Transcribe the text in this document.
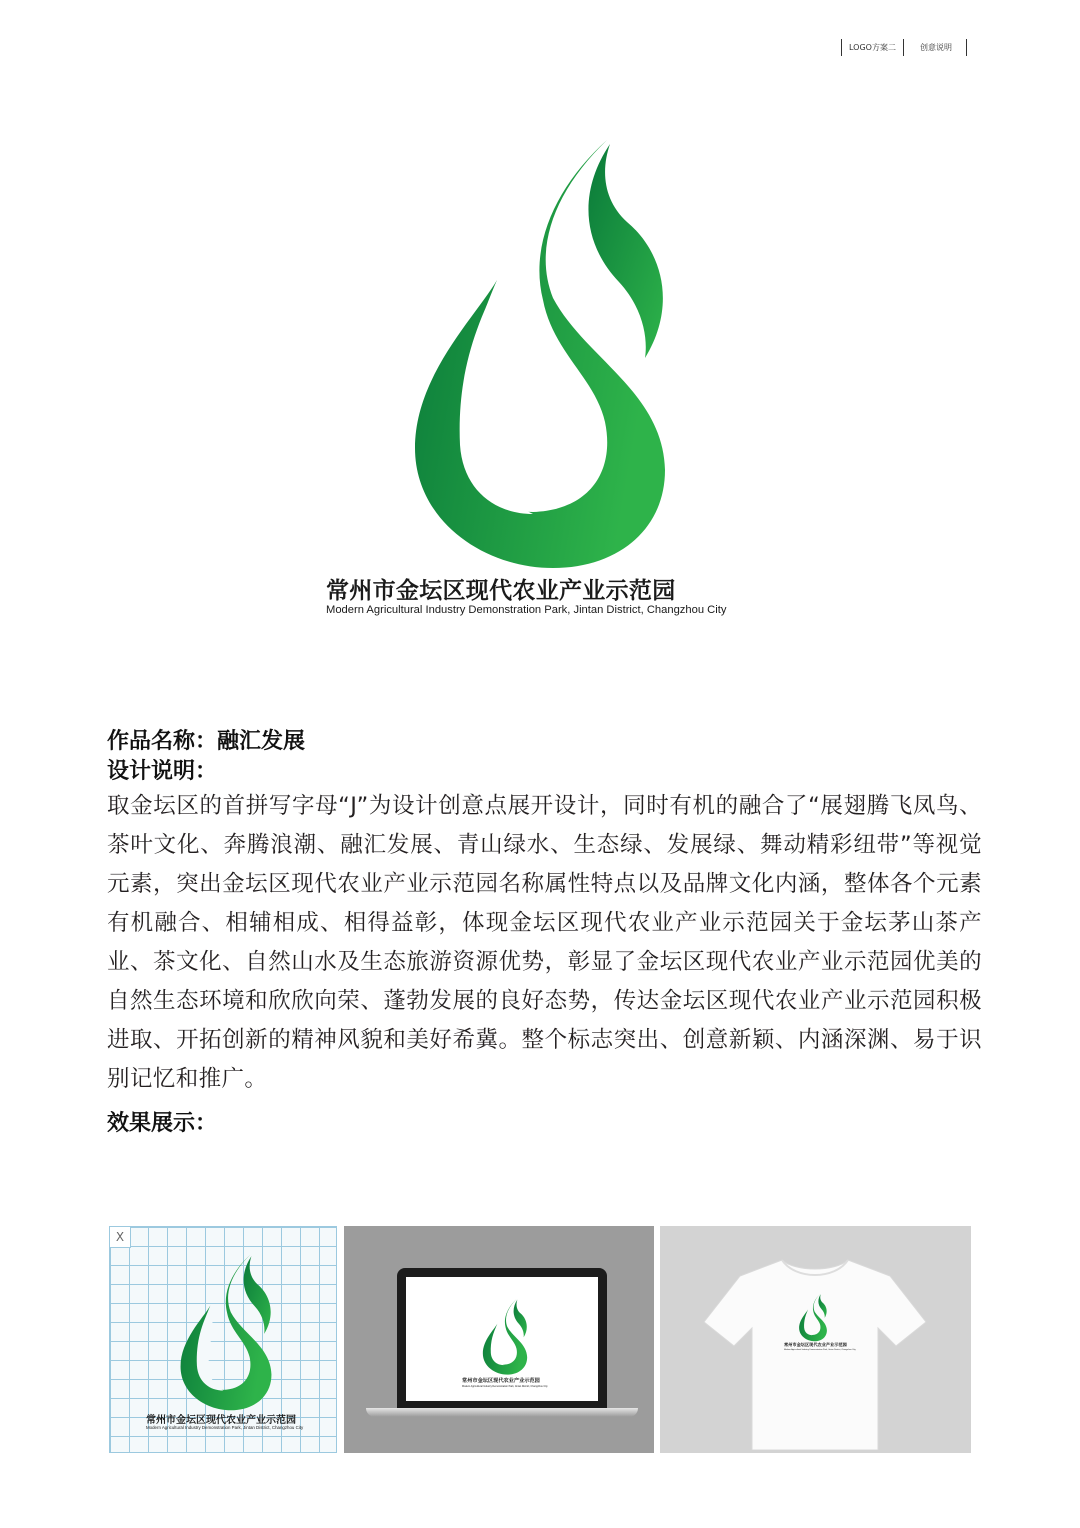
LOGO方案二	创意说明
常州市金坛区现代农业产业示范园
Modern Agricultural Industry Demonstration Park, Jintan District, Changzhou City
作品名称：融汇发展
设计说明：
取金坛区的首拼写字母“J”为设计创意点展开设计，同时有机的融合了“展翅腾飞凤鸟、茶叶文化、奔腾浪潮、融汇发展、青山绿水、生态绿、发展绿、舞动精彩纽带”等视觉元素，突出金坛区现代农业产业示范园名称属性特点以及品牌文化内涵，整体各个元素有机融合、相辅相成、相得益彰，体现金坛区现代农业产业示范园关于金坛茅山茶产业、茶文化、自然山水及生态旅游资源优势，彰显了金坛区现代农业产业示范园优美的自然生态环境和欣欣向荣、蓬勃发展的良好态势，传达金坛区现代农业产业示范园积极进取、开拓创新的精神风貌和美好希冀。整个标志突出、创意新颖、内涵深渊、易于识别记忆和推广。
效果展示：
X
常州市金坛区现代农业产业示范园
Modern Agricultural Industry Demonstration Park, Jintan District, Changzhou City
常州市金坛区现代农业产业示范园
Modern Agricultural Industry Demonstration Park, Jintan District, Changzhou City
常州市金坛区现代农业产业示范园
Modern Agricultural Industry Demonstration Park, Jintan District, Changzhou City
